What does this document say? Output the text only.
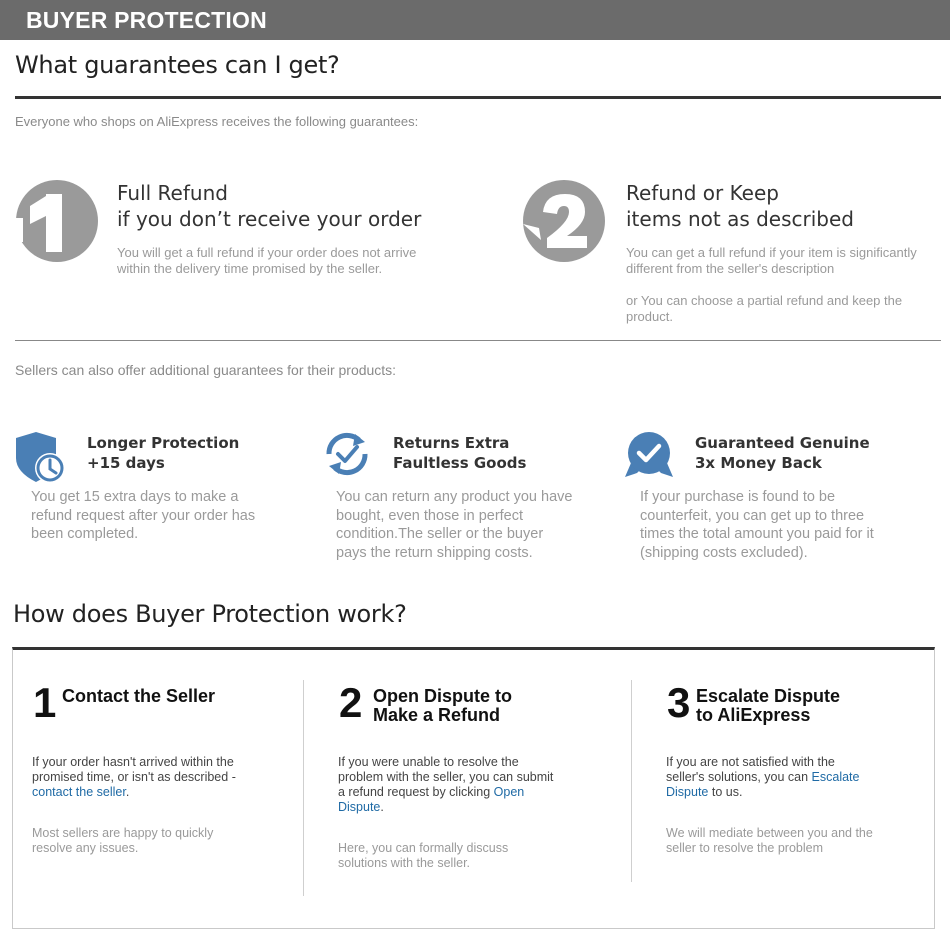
BUYER PROTECTION
What guarantees can I get?
Everyone who shops on AliExpress receives the following guarantees:
Full Refund
if you don’t receive your order
You will get a full refund if your order does not arrive within the delivery time promised by the seller.
Refund or Keep
items not as described
You can get a full refund if your item is significantly different from the seller's description
or You can choose a partial refund and keep the product.
Sellers can also offer additional guarantees for their products:
Longer Protection
+15 days
You get 15 extra days to make a refund request after your order has been completed.
Returns Extra
Faultless Goods
You can return any product you have bought, even those in perfect condition.The seller or the buyer pays the return shipping costs.
Guaranteed Genuine
3x Money Back
If your purchase is found to be counterfeit, you can get up to three times the total amount you paid for it (shipping costs excluded).
How does Buyer Protection work?
1 Contact the Seller
If your order hasn't arrived within the promised time, or isn't as described - contact the seller.
Most sellers are happy to quickly resolve any issues.
2 Open Dispute to
Make a Refund
If you were unable to resolve the problem with the seller, you can submit a refund request by clicking Open Dispute.
Here, you can formally discuss solutions with the seller.
3 Escalate Dispute
to AliExpress
If you are not satisfied with the seller's solutions, you can Escalate Dispute to us.
We will mediate between you and the seller to resolve the problem
